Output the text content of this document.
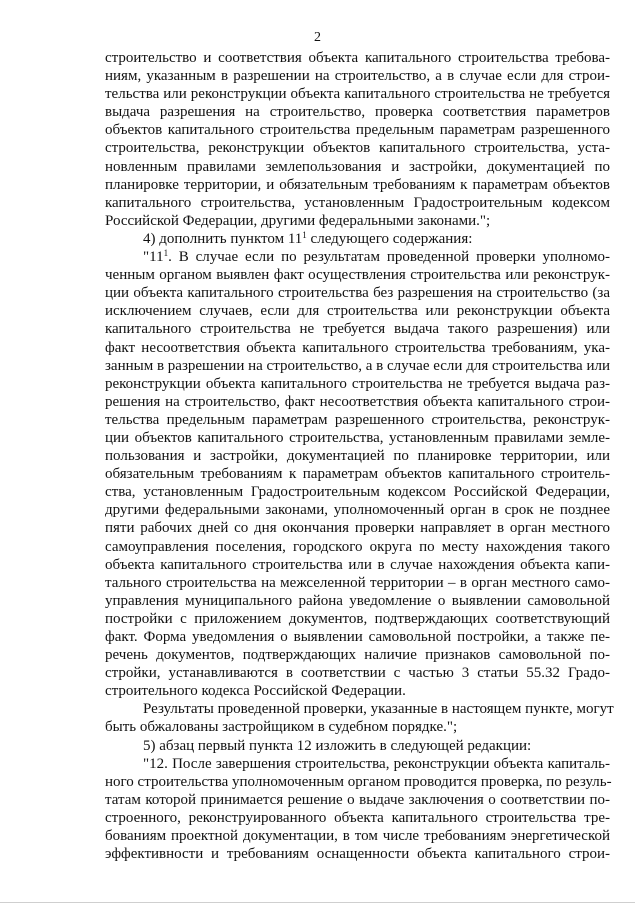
2
строительство и соответствия объекта капитального строительства требова-
ниям, указанным в разрешении на строительство, а в случае если для строи-
тельства или реконструкции объекта капитального строительства не требуется
выдача разрешения на строительство, проверка соответствия параметров
объектов капитального строительства предельным параметрам разрешенного
строительства, реконструкции объектов капитального строительства, уста-
новленным правилами землепользования и застройки, документацией по
планировке территории, и обязательным требованиям к параметрам объектов
капитального строительства, установленным Градостроительным кодексом
Российской Федерации, другими федеральными законами.";
4) дополнить пунктом $11^1$ следующего содержания:
"$11^1$. В случае если по результатам проведенной проверки уполномо-
ченным органом выявлен факт осуществления строительства или реконструк-
ции объекта капитального строительства без разрешения на строительство (за
исключением случаев, если для строительства или реконструкции объекта
капитального строительства не требуется выдача такого разрешения) или
факт несоответствия объекта капитального строительства требованиям, ука-
занным в разрешении на строительство, а в случае если для строительства или
реконструкции объекта капитального строительства не требуется выдача раз-
решения на строительство, факт несоответствия объекта капитального строи-
тельства предельным параметрам разрешенного строительства, реконструк-
ции объектов капитального строительства, установленным правилами земле-
пользования и застройки, документацией по планировке территории, или
обязательным требованиям к параметрам объектов капитального строитель-
ства, установленным Градостроительным кодексом Российской Федерации,
другими федеральными законами, уполномоченный орган в срок не позднее
пяти рабочих дней со дня окончания проверки направляет в орган местного
самоуправления поселения, городского округа по месту нахождения такого
объекта капитального строительства или в случае нахождения объекта капи-
тального строительства на межселенной территории – в орган местного само-
управления муниципального района уведомление о выявлении самовольной
постройки с приложением документов, подтверждающих соответствующий
факт. Форма уведомления о выявлении самовольной постройки, а также пе-
речень документов, подтверждающих наличие признаков самовольной по-
стройки, устанавливаются в соответствии с частью 3 статьи 55.32 Градо-
строительного кодекса Российской Федерации.
Результаты проведенной проверки, указанные в настоящем пункте, могут
быть обжалованы застройщиком в судебном порядке.";
5) абзац первый пункта 12 изложить в следующей редакции:
"12. После завершения строительства, реконструкции объекта капиталь-
ного строительства уполномоченным органом проводится проверка, по резуль-
татам которой принимается решение о выдаче заключения о соответствии по-
строенного, реконструированного объекта капитального строительства тре-
бованиям проектной документации, в том числе требованиям энергетической
эффективности и требованиям оснащенности объекта капитального строи-
